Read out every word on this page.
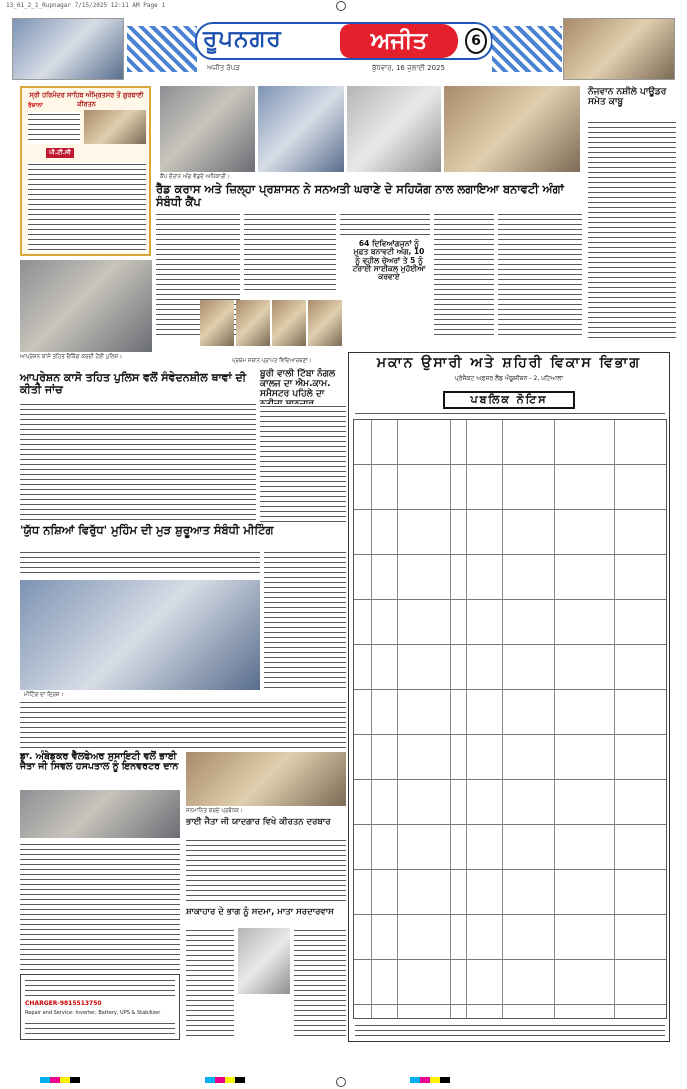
13_01_2_1_Rupnagar 7/15/2025 12:11 AM Page 1
ਰੂਪਨਗਰ	ਅਜੀਤ	6
ਅਜੀਤ ਰੋਪੜ	ਬੁੱਧਵਾਰ, 16 ਜੁਲਾਈ 2025
ਸ੍ਰੀ ਹਰਿਮੰਦਰ ਸਾਹਿਬ ਅੰਮ੍ਰਿਤਸਰ ਤੋਂ ਗੁਰਬਾਣੀ ਕੀਰਤਨ
ਰੋਜ਼ਾਨਾ
ਪੀ.ਟੀ.ਸੀ
ਕੈਂਪ ਦੌਰਾਨ ਅੰਗ ਵੰਡਦੇ ਅਧਿਕਾਰੀ।
ਰੈੱਡ ਕਰਾਸ ਅਤੇ ਜ਼ਿਲ੍ਹਾ ਪ੍ਰਸ਼ਾਸਨ ਨੇ ਸਨਅਤੀ ਘਰਾਣੇ ਦੇ ਸਹਿਯੋਗ ਨਾਲ ਲਗਾਇਆ ਬਨਾਵਟੀ ਅੰਗਾਂ ਸੰਬੰਧੀ ਕੈਂਪ
64 ਦਿਵਿਆਂਗਜਨਾਂ ਨੂੰ ਮੁਫ਼ਤ ਬਨਾਵਟੀ ਅੰਗ, 10 ਨੂੰ ਵ੍ਹੀਲ ਚੇਅਰਾਂ ਤੇ 5 ਨੂੰ ਟਰਾਈ ਸਾਈਕਲ ਮੁਹੱਈਆ ਕਰਵਾਏ
ਨੌਜਵਾਨ ਨਸ਼ੀਲੇ ਪਾਊਡਰ ਸਮੇਤ ਕਾਬੂ
ਆਪ੍ਰੇਸ਼ਨ ਕਾਸੋ ਤਹਿਤ ਚੈਕਿੰਗ ਕਰਦੀ ਹੋਈ ਪੁਲਿਸ।
ਆਪ੍ਰੇਸ਼ਨ ਕਾਸੋ ਤਹਿਤ ਪੁਲਿਸ ਵਲੋਂ ਸੰਵੇਦਨਸ਼ੀਲ ਥਾਵਾਂ ਦੀ ਕੀਤੀ ਜਾਂਚ
ਪ੍ਰਥਮ ਸਥਾਨ ਪ੍ਰਾਪਤ ਵਿਦਿਆਰਥਣਾਂ।
ਬੂਰੀ ਵਾਲੀ ਟਿੱਬਾ ਨੰਗਲ ਕਾਲਜ ਦਾ ਐਮ.ਕਾਮ. ਸਮੈਸਟਰ ਪਹਿਲੇ ਦਾ
'ਯੁੱਧ ਨਸ਼ਿਆਂ ਵਿਰੁੱਧ' ਮੁਹਿੰਮ ਦੀ ਮੁੜ ਸ਼ੁਰੂਆਤ ਸੰਬੰਧੀ ਮੀਟਿੰਗ
ਮੀਟਿੰਗ ਦਾ ਦ੍ਰਿਸ਼।
ਡਾ. ਅੰਬੇਡਕਰ ਵੈੱਲਫੇਅਰ ਸੁਸਾਇਟੀ ਵਲੋਂ ਭਾਈ ਜੈਤਾ ਜੀ ਸਿਵਲ ਹਸਪਤਾਲ ਨੂੰ ਇਨਵਰਟਰ ਦਾਨ
ਸਨਮਾਨਿਤ ਕਰਦੇ ਪ੍ਰਬੰਧਕ।
ਭਾਈ ਜੈਤਾ ਜੀ ਯਾਦਗਾਰ ਵਿਖੇ ਕੀਰਤਨ ਦਰਬਾਰ
ਸ਼ਾਕਾਹਾਰ ਦੇ ਭਾਗ ਨੂੰ ਸਦਮਾ, ਮਾਤਾ ਸਰਦਾਰਵਾਸ
CHARGER-9815513750
Repair and Service: Inverter, Battery, UPS & Stabilizer
ਮਕਾਨ ਉਸਾਰੀ ਅਤੇ ਸ਼ਹਿਰੀ ਵਿਕਾਸ ਵਿਭਾਗ
ਪ੍ਰੋਜੈਕਟ ਅਫ਼ਸਰ ਲੈਂਡ ਐਕੂਜ਼ੀਸ਼ਨ - 2, ਪਟਿਆਲਾ
ਪਬਲਿਕ ਨੋਟਿਸ
